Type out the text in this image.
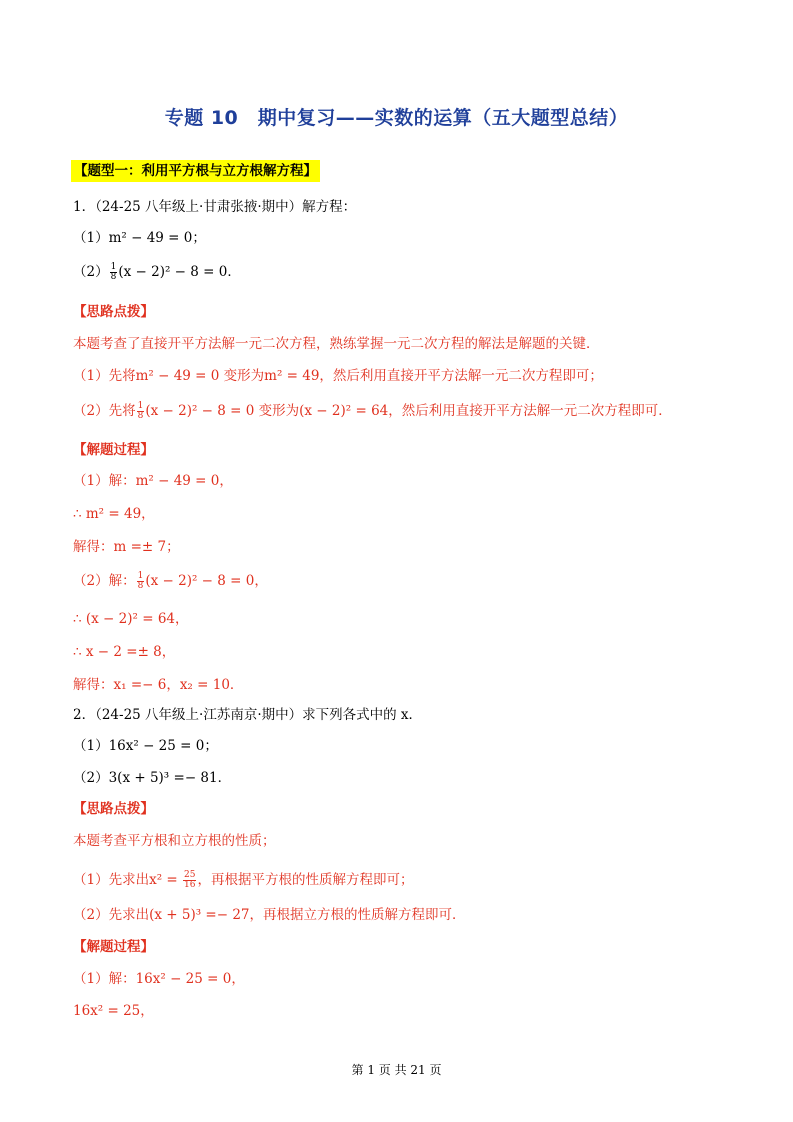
专题 10　期中复习——实数的运算（五大题型总结）
【题型一：利用平方根与立方根解方程】
1．（24-25 八年级上·甘肃张掖·期中）解方程：
（1）m² − 49 = 0；
$(2) \frac{1}{8} (x - 2)^2 - 8 = 0$．
【思路点拨】
本题考查了直接开平方法解一元二次方程，熟练掌握一元二次方程的解法是解题的关键．
（1）先将m² − 49 = 0 变形为m² = 49，然后利用直接开平方法解一元二次方程即可；
（2）先将 $\frac{1}{8} (x - 2)^2 - 8 = 0$ 变形为(x − 2)² = 64，然后利用直接开平方法解一元二次方程即可．
【解题过程】
（1）解：m² − 49 = 0，
∴ m² = 49，
解得：m =± 7；
（2）解： $\frac{1}{8} (x - 2)^2 - 8 = 0$，
∴ (x − 2)² = 64，
∴ x − 2 =± 8，
解得：x₁ =− 6，x₂ = 10．
2．（24-25 八年级上·江苏南京·期中）求下列各式中的 x．
（1）16x² − 25 = 0；
（2）3(x + 5)³ =− 81．
【思路点拨】
本题考查平方根和立方根的性质；
（1）先求出$x^2 = \frac{25}{16}$ ，再根据平方根的性质解方程即可；
（2）先求出(x + 5)³ =− 27，再根据立方根的性质解方程即可．
【解题过程】
（1）解：16x² − 25 = 0，
16x² = 25，
第 1 页 共 21 页
